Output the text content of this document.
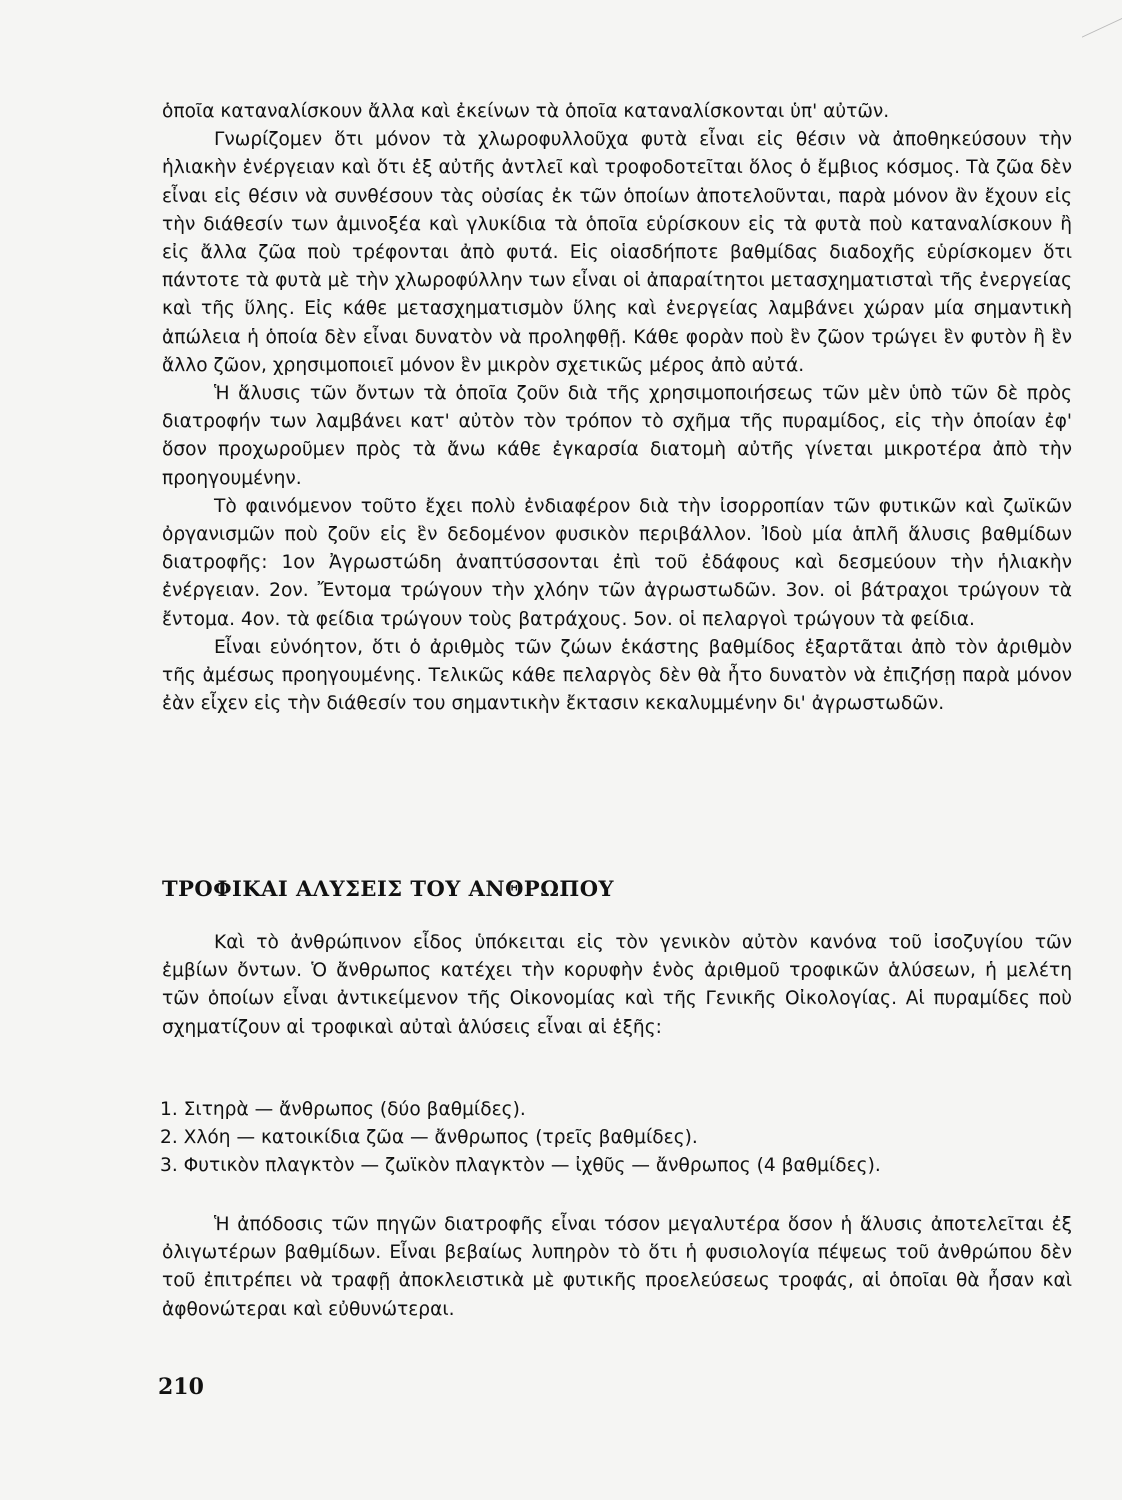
ὁποῖα καταναλίσκουν ἄλλα καὶ ἐκείνων τὰ ὁποῖα καταναλίσκονται ὑπ' αὐτῶν.

Γνωρίζομεν ὅτι μόνον τὰ χλωροφυλλοῦχα φυτὰ εἶναι εἰς θέσιν νὰ ἀποθηκεύσουν τὴν ἡλιακὴν ἐνέργειαν καὶ ὅτι ἐξ αὐτῆς ἀντλεῖ καὶ τροφοδοτεῖται ὅλος ὁ ἔμβιος κόσμος. Τὰ ζῶα δὲν εἶναι εἰς θέσιν νὰ συνθέσουν τὰς οὐσίας ἐκ τῶν ὁποίων ἀποτελοῦνται, παρὰ μόνον ἂν ἔχουν εἰς τὴν διάθεσίν των ἀμινοξέα καὶ γλυκίδια τὰ ὁποῖα εὑρίσκουν εἰς τὰ φυτὰ ποὺ καταναλίσκουν ἢ εἰς ἄλλα ζῶα ποὺ τρέφονται ἀπὸ φυτά. Εἰς οἱασδήποτε βαθμίδας διαδοχῆς εὑρίσκομεν ὅτι πάντοτε τὰ φυτὰ μὲ τὴν χλωροφύλλην των εἶναι οἱ ἀπαραίτητοι μετασχηματισταὶ τῆς ἐνεργείας καὶ τῆς ὕλης. Εἰς κάθε μετασχηματισμὸν ὕλης καὶ ἐνεργείας λαμβάνει χώραν μία σημαντικὴ ἀπώλεια ἡ ὁποία δὲν εἶναι δυνατὸν νὰ προληφθῇ. Κάθε φορὰν ποὺ ἓν ζῶον τρώγει ἓν φυτὸν ἢ ἓν ἄλλο ζῶον, χρησιμοποιεῖ μόνον ἓν μικρὸν σχετικῶς μέρος ἀπὸ αὐτά.

Ἡ ἅλυσις τῶν ὄντων τὰ ὁποῖα ζοῦν διὰ τῆς χρησιμοποιήσεως τῶν μὲν ὑπὸ τῶν δὲ πρὸς διατροφήν των λαμβάνει κατ' αὐτὸν τὸν τρόπον τὸ σχῆμα τῆς πυραμίδος, εἰς τὴν ὁποίαν ἐφ' ὅσον προχωροῦμεν πρὸς τὰ ἄνω κάθε ἐγκαρσία διατομὴ αὐτῆς γίνεται μικροτέρα ἀπὸ τὴν προηγουμένην.

Τὸ φαινόμενον τοῦτο ἔχει πολὺ ἐνδιαφέρον διὰ τὴν ἰσορροπίαν τῶν φυτικῶν καὶ ζωϊκῶν ὀργανισμῶν ποὺ ζοῦν εἰς ἓν δεδομένον φυσικὸν περιβάλλον. Ἰδοὺ μία ἁπλῆ ἅλυσις βαθμίδων διατροφῆς: 1ον Ἀγρωστώδη ἀναπτύσσονται ἐπὶ τοῦ ἐδάφους καὶ δεσμεύουν τὴν ἡλιακὴν ἐνέργειαν. 2ον. Ἔντομα τρώγουν τὴν χλόην τῶν ἀγρωστωδῶν. 3ον. οἱ βάτραχοι τρώγουν τὰ ἔντομα. 4ον. τὰ φείδια τρώγουν τοὺς βατράχους. 5ον. οἱ πελαργοὶ τρώγουν τὰ φείδια.

Εἶναι εὐνόητον, ὅτι ὁ ἀριθμὸς τῶν ζώων ἑκάστης βαθμίδος ἐξαρτᾶται ἀπὸ τὸν ἀριθμὸν τῆς ἀμέσως προηγουμένης. Τελικῶς κάθε πελαργὸς δὲν θὰ ἦτο δυνατὸν νὰ ἐπιζήσῃ παρὰ μόνον ἐὰν εἶχεν εἰς τὴν διάθεσίν του σημαντικὴν ἔκτασιν κεκαλυμμένην δι' ἀγρωστωδῶν.

ΤΡΟΦΙΚΑΙ ΑΛΥΣΕΙΣ ΤΟΥ ΑΝΘΡΩΠΟΥ

Καὶ τὸ ἀνθρώπινον εἶδος ὑπόκειται εἰς τὸν γενικὸν αὐτὸν κανόνα τοῦ ἰσοζυγίου τῶν ἐμβίων ὄντων. Ὁ ἄνθρωπος κατέχει τὴν κορυφὴν ἑνὸς ἀριθμοῦ τροφικῶν ἁλύσεων, ἡ μελέτη τῶν ὁποίων εἶναι ἀντικείμενον τῆς Οἰκονομίας καὶ τῆς Γενικῆς Οἰκολογίας. Αἱ πυραμίδες ποὺ σχηματίζουν αἱ τροφικαὶ αὐταὶ ἁλύσεις εἶναι αἱ ἑξῆς:

1. Σιτηρὰ — ἄνθρωπος (δύο βαθμίδες).
2. Χλόη — κατοικίδια ζῶα — ἄνθρωπος (τρεῖς βαθμίδες).
3. Φυτικὸν πλαγκτὸν — ζωϊκὸν πλαγκτὸν — ἰχθῦς — ἄνθρωπος (4 βαθμίδες).

Ἡ ἀπόδοσις τῶν πηγῶν διατροφῆς εἶναι τόσον μεγαλυτέρα ὅσον ἡ ἅλυσις ἀποτελεῖται ἐξ ὀλιγωτέρων βαθμίδων. Εἶναι βεβαίως λυπηρὸν τὸ ὅτι ἡ φυσιολογία πέψεως τοῦ ἀνθρώπου δὲν τοῦ ἐπιτρέπει νὰ τραφῇ ἀποκλειστικὰ μὲ φυτικῆς προελεύσεως τροφάς, αἱ ὁποῖαι θὰ ἦσαν καὶ ἀφθονώτεραι καὶ εὐθυνώτεραι.

210
